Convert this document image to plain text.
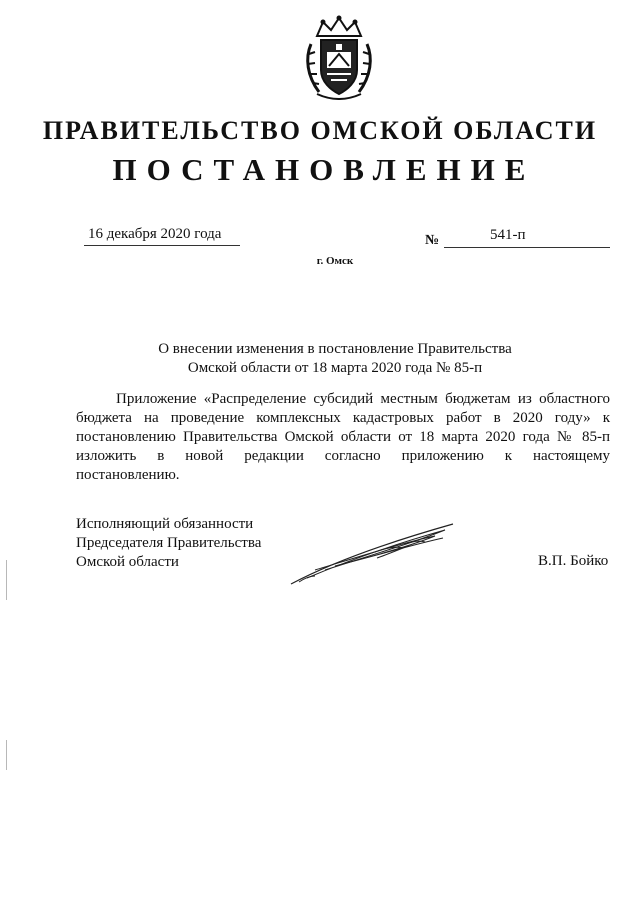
ПРАВИТЕЛЬСТВО ОМСКОЙ ОБЛАСТИ
ПОСТАНОВЛЕНИЕ
16 декабря 2020 года	№	541-п
г. Омск
О внесении изменения в постановление Правительства
Омской области от 18 марта 2020 года № 85-п
Приложение «Распределение субсидий местным бюджетам из областного
бюджета на проведение комплексных кадастровых работ в 2020 году» к
постановлению Правительства Омской области от 18 марта 2020 года № 85-п
изложить в новой редакции согласно приложению к настоящему
постановлению.
Исполняющий обязанности
Председателя Правительства
Омской области	В.П. Бойко
